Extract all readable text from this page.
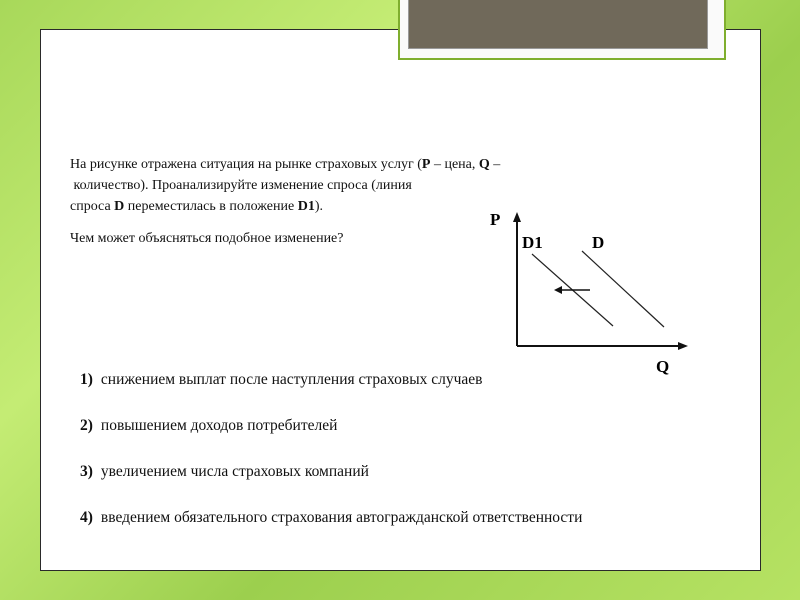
На рисунке отражена ситуация на рынке страховых услуг (P – цена, Q –
количество). Проанализируйте изменение спроса (линия
спроса D переместилась в положение D1).
Чем может объясняться подобное изменение?
P
Q
D1	D
1) снижением выплат после наступления страховых случаев
2) повышением доходов потребителей
3) увеличением числа страховых компаний
4) введением обязательного страхования автогражданской ответственности
